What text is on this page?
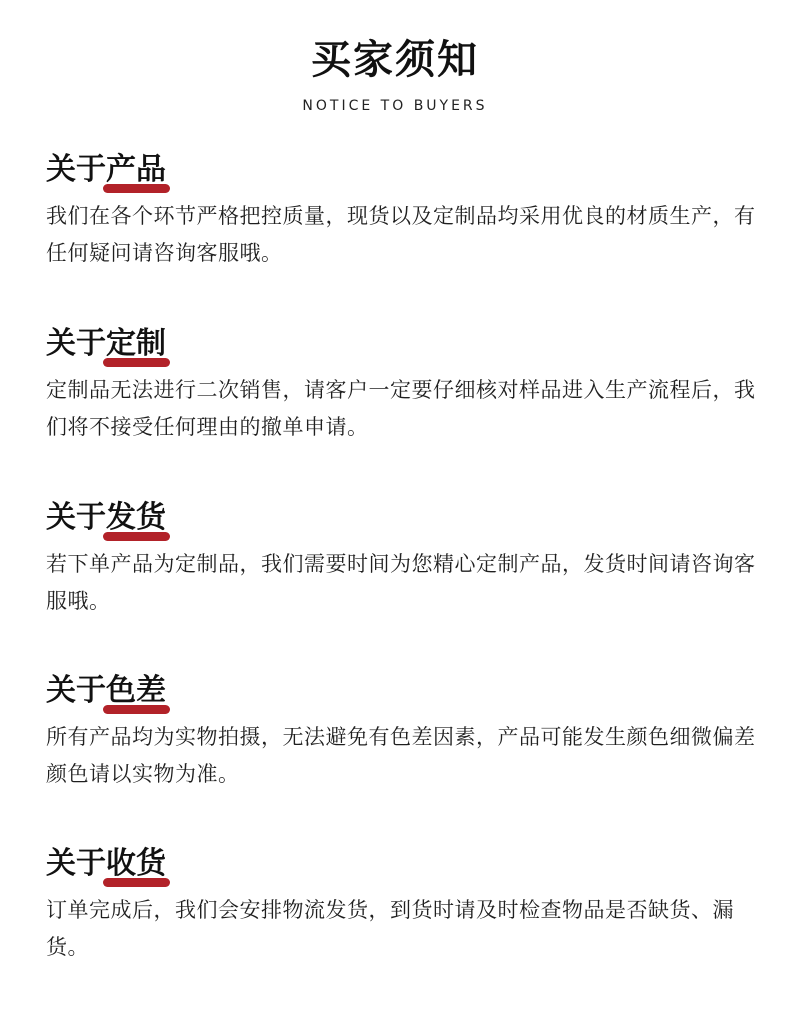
买家须知
NOTICE TO BUYERS
关于产品
我们在各个环节严格把控质量，现货以及定制品均采用优良的材质生产，有任何疑问请咨询客服哦。
关于定制
定制品无法进行二次销售，请客户一定要仔细核对样品进入生产流程后，我们将不接受任何理由的撤单申请。
关于发货
若下单产品为定制品，我们需要时间为您精心定制产品，发货时间请咨询客服哦。
关于色差
所有产品均为实物拍摄，无法避免有色差因素，产品可能发生颜色细微偏差颜色请以实物为准。
关于收货
订单完成后，我们会安排物流发货，到货时请及时检查物品是否缺货、漏货。
